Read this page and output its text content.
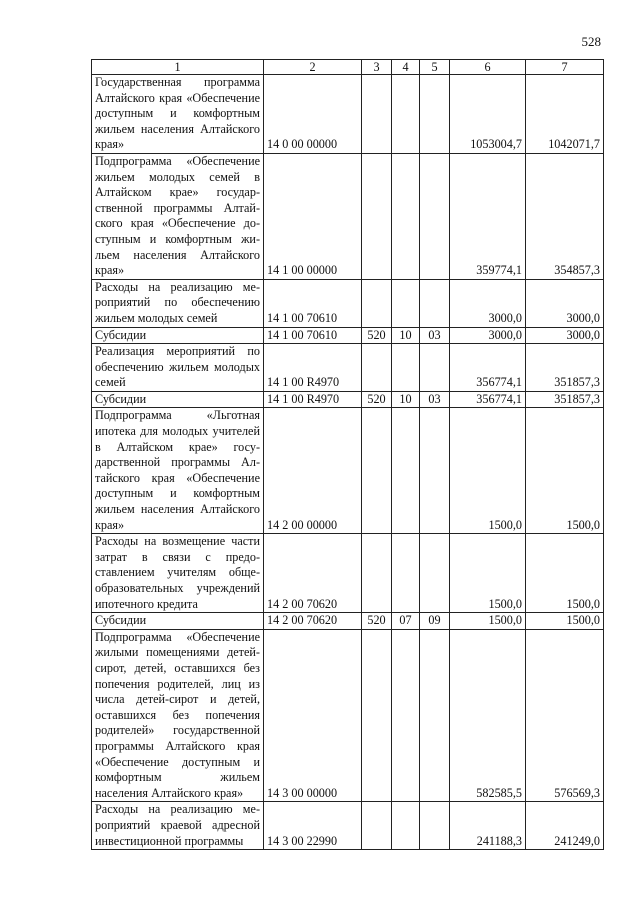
528
1	2	3	4	5	6	7
Государственная программа Алтайского края «Обеспечение доступным и комфортным жильем населения Алтайского края»	14 0 00 00000				1053004,7	1042071,7
Подпрограмма «Обеспечение жильем молодых семей в Алтайском крае» государственной программы Алтайского края «Обеспечение доступным и комфортным жильем населения Алтайского края»	14 1 00 00000				359774,1	354857,3
Расходы на реализацию мероприятий по обеспечению жильем молодых семей	14 1 00 70610				3000,0	3000,0
Субсидии	14 1 00 70610	520	10	03	3000,0	3000,0
Реализация мероприятий по обеспечению жильем молодых семей	14 1 00 R4970				356774,1	351857,3
Субсидии	14 1 00 R4970	520	10	03	356774,1	351857,3
Подпрограмма «Льготная ипотека для молодых учителей в Алтайском крае» государственной программы Алтайского края «Обеспечение доступным и комфортным жильем населения Алтайского края»	14 2 00 00000				1500,0	1500,0
Расходы на возмещение части затрат в связи с предоставлением учителям общеобразовательных учреждений ипотечного кредита	14 2 00 70620				1500,0	1500,0
Субсидии	14 2 00 70620	520	07	09	1500,0	1500,0
Подпрограмма «Обеспечение жилыми помещениями детей-сирот, детей, оставшихся без попечения родителей, лиц из числа детей-сирот и детей, оставшихся без попечения родителей» государственной программы Алтайского края «Обеспечение доступным и комфортным жильем населения Алтайского края»	14 3 00 00000				582585,5	576569,3
Расходы на реализацию мероприятий краевой адресной инвестиционной программы	14 3 00 22990				241188,3	241249,0
